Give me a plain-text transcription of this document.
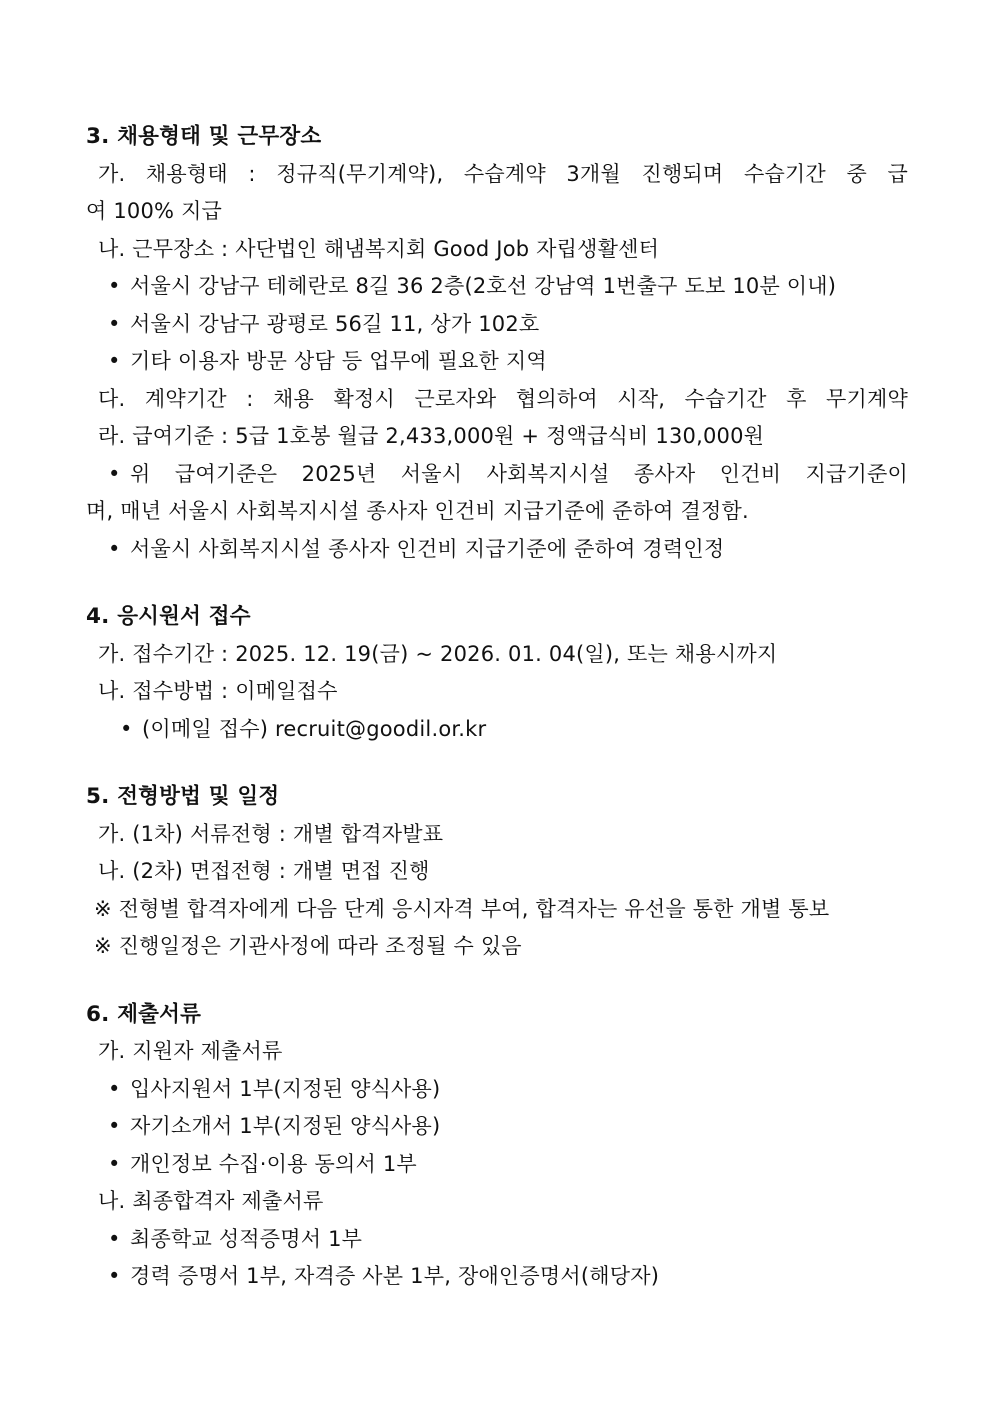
3. 채용형태 및 근무장소
가. 채용형태 : 정규직(무기계약), 수습계약 3개월 진행되며 수습기간 중 급
여 100% 지급
나. 근무장소 : 사단법인 해냄복지회 Good Job 자립생활센터
• 서울시 강남구 테헤란로 8길 36 2층(2호선 강남역 1번출구 도보 10분 이내)
• 서울시 강남구 광평로 56길 11, 상가 102호
• 기타 이용자 방문 상담 등 업무에 필요한 지역
다. 계약기간 : 채용 확정시 근로자와 협의하여 시작, 수습기간 후 무기계약
라. 급여기준 : 5급 1호봉 월급 2,433,000원 + 정액급식비 130,000원
• 위 급여기준은 2025년 서울시 사회복지시설 종사자 인건비 지급기준이
며, 매년 서울시 사회복지시설 종사자 인건비 지급기준에 준하여 결정함.
• 서울시 사회복지시설 종사자 인건비 지급기준에 준하여 경력인정
4. 응시원서 접수
가. 접수기간 : 2025. 12. 19(금) ~ 2026. 01. 04(일), 또는 채용시까지
나. 접수방법 : 이메일접수
• (이메일 접수) recruit@goodil.or.kr
5. 전형방법 및 일정
가. (1차) 서류전형 : 개별 합격자발표
나. (2차) 면접전형 : 개별 면접 진행
※ 전형별 합격자에게 다음 단계 응시자격 부여, 합격자는 유선을 통한 개별 통보
※ 진행일정은 기관사정에 따라 조정될 수 있음
6. 제출서류
가. 지원자 제출서류
• 입사지원서 1부(지정된 양식사용)
• 자기소개서 1부(지정된 양식사용)
• 개인정보 수집·이용 동의서 1부
나. 최종합격자 제출서류
• 최종학교 성적증명서 1부
• 경력 증명서 1부, 자격증 사본 1부, 장애인증명서(해당자)
